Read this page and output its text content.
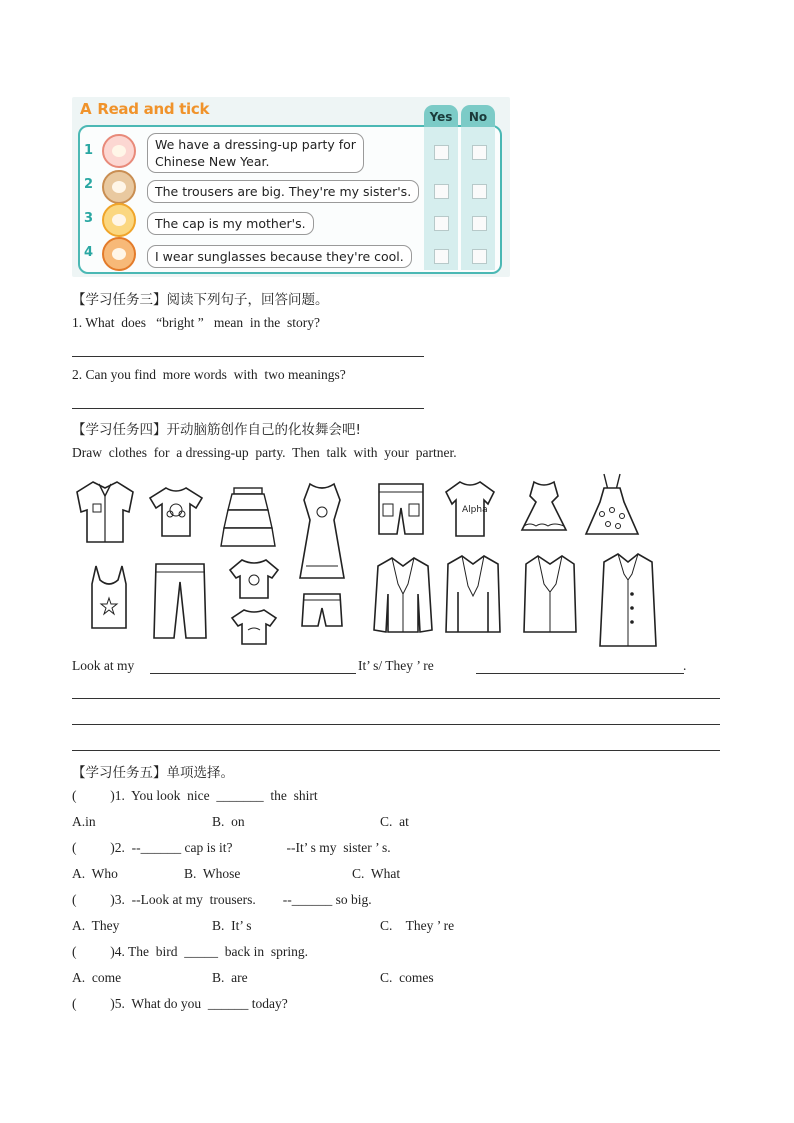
A Read and tick	Yes	No
1	We have a dressing-up party for
Chinese New Year.
2	The trousers are big. They're my sister's.
3	The cap is my mother's.
4	I wear sunglasses because they're cool.
【学习任务三】阅读下列句子，回答问题。
1. What  does   “bright ”   mean  in the  story?
2. Can you find  more words  with  two meanings?
【学习任务四】开动脑筋创作自己的化妆舞会吧!
Draw  clothes  for  a dressing-up  party.  Then  talk  with  your  partner.
Alpha
Look at my	It’ s/ They ’ re	.
【学习任务五】单项选择。
(          )1.  You look  nice  _______  the  shirt
A.in	B.  on	C.  at
(          )2.  --______ cap is it?                --It’ s my  sister ’ s.
A.  Who	B.  Whose	C.  What
(          )3.  --Look at my  trousers.        --______ so big.
A.  They	B.  It’ s	C.    They ’ re
(          )4. The  bird  _____  back in  spring.
A.  come	B.  are	C.  comes
(          )5.  What do you  ______ today?
